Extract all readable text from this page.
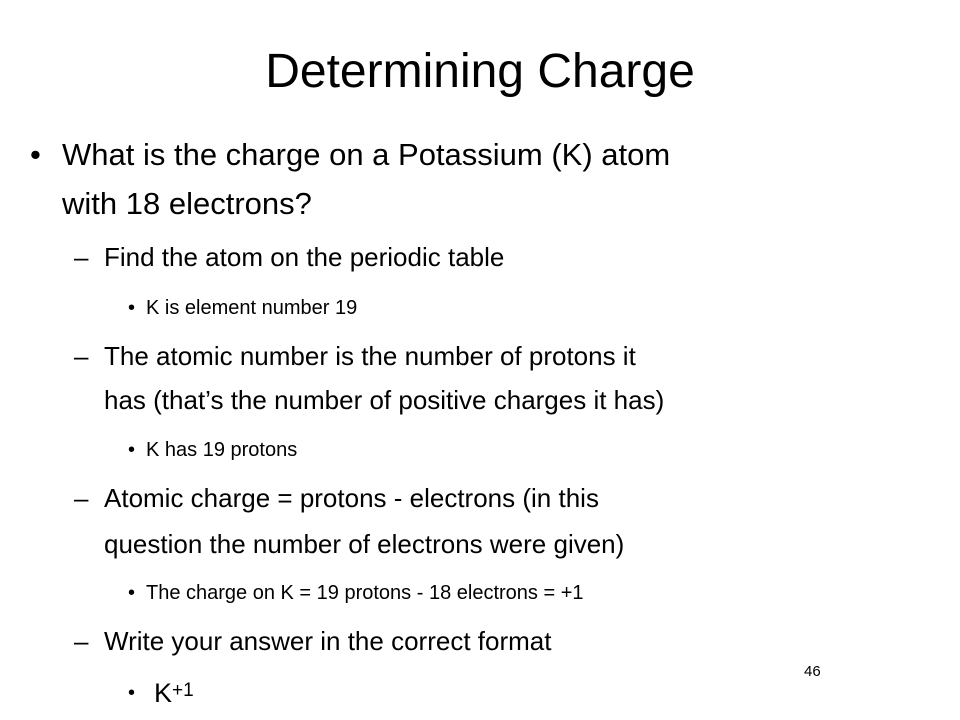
Determining Charge
• What is the charge on a Potassium (K) atom

with 18 electrons?

– Find the atom on the periodic table

• K is element number 19

– The atomic number is the number of protons it

has (that’s the number of positive charges it has)

• K has 19 protons

– Atomic charge = protons - electrons (in this

question the number of electrons were given)

• The charge on K = 19 protons - 18 electrons = +1

– Write your answer in the correct format

• $K^{+1}$

46
